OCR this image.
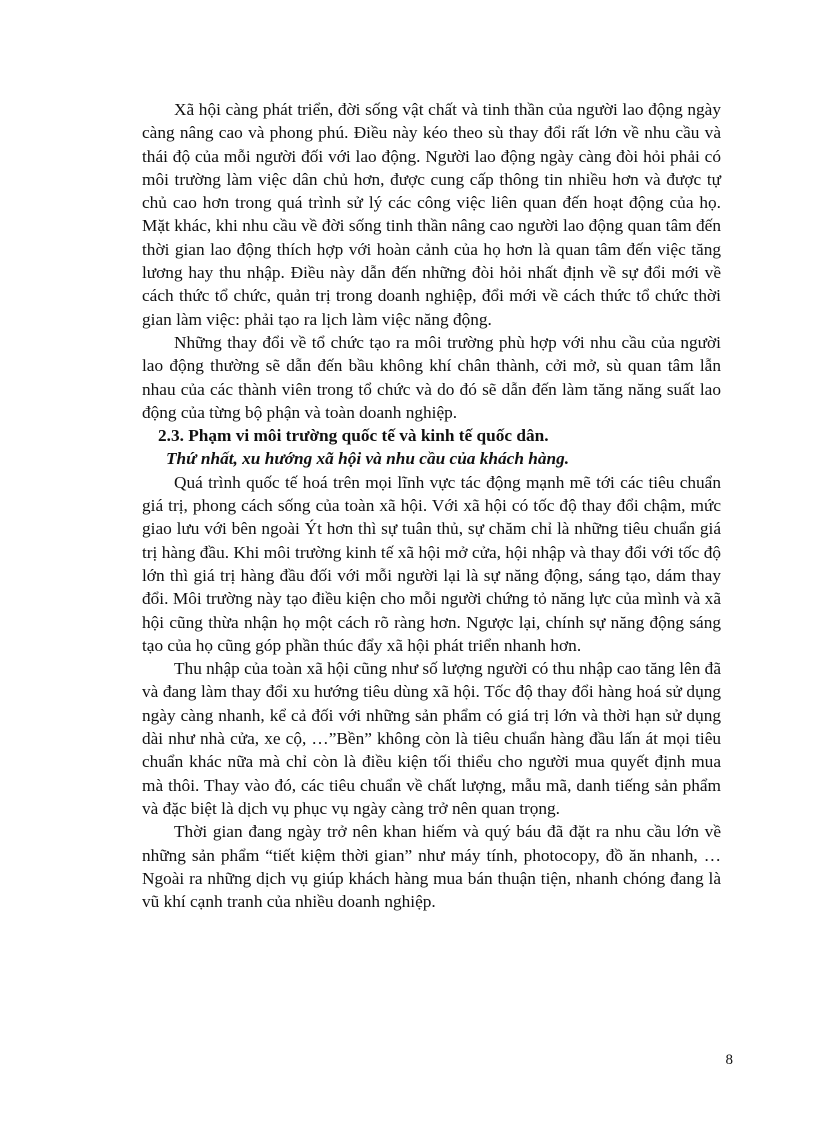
Xã hội càng phát triển, đời sống vật chất và tinh thần của người lao động ngày càng nâng cao và phong phú. Điều này kéo theo sù thay đổi rất lớn về nhu cầu và thái độ của mỗi người đối với lao động. Người lao động ngày càng đòi hỏi phải có môi trường làm việc dân chủ hơn, được cung cấp thông tin nhiều hơn và được tự chủ cao hơn trong quá trình sử lý các công việc liên quan đến hoạt động của họ. Mặt khác, khi nhu cầu về đời sống tinh thần nâng cao người lao động quan tâm đến thời gian lao động thích hợp với hoàn cảnh của họ hơn là quan tâm đến việc tăng lương hay thu nhập. Điều này dẫn đến những đòi hỏi nhất định về sự đổi mới về cách thức tổ chức, quản trị trong doanh nghiệp, đổi mới về cách thức tổ chức thời gian làm việc: phải tạo ra lịch làm việc năng động.

Những thay đổi về tổ chức tạo ra môi trường phù hợp với nhu cầu của người lao động thường sẽ dẫn đến bầu không khí chân thành, cởi mở, sù quan tâm lẫn nhau của các thành viên trong tổ chức và do đó sẽ dẫn đến làm tăng năng suất lao động của từng bộ phận và toàn doanh nghiệp.

2.3. Phạm vi môi trường quốc tế và kinh tế quốc dân.
Thứ nhất, xu hướng xã hội và nhu cầu của khách hàng.

Quá trình quốc tế hoá trên mọi lĩnh vực tác động mạnh mẽ tới các tiêu chuẩn giá trị, phong cách sống của toàn xã hội. Với xã hội có tốc độ thay đổi chậm, mức giao lưu với bên ngoài Ýt hơn thì sự tuân thủ, sự chăm chỉ là những tiêu chuẩn giá trị hàng đầu. Khi môi trường kinh tế xã hội mở cửa, hội nhập và thay đổi với tốc độ lớn thì giá trị hàng đầu đối với mỗi người lại là sự năng động, sáng tạo, dám thay đổi. Môi trường này tạo điều kiện cho mỗi người chứng tỏ năng lực của mình và xã hội cũng thừa nhận họ một cách rõ ràng hơn. Ngược lại, chính sự năng động sáng tạo của họ cũng góp phần thúc đẩy xã hội phát triển nhanh hơn.

Thu nhập của toàn xã hội cũng như số lượng người có thu nhập cao tăng lên đã và đang làm thay đổi xu hướng tiêu dùng xã hội. Tốc độ thay đổi hàng hoá sử dụng ngày càng nhanh, kể cả đối với những sản phẩm có giá trị lớn và thời hạn sử dụng dài như nhà cửa, xe cộ, …”Bền” không còn là tiêu chuẩn hàng đầu lấn át mọi tiêu chuẩn khác nữa mà chỉ còn là điều kiện tối thiểu cho người mua quyết định mua mà thôi. Thay vào đó, các tiêu chuẩn về chất lượng, mẫu mã, danh tiếng sản phẩm và đặc biệt là dịch vụ phục vụ ngày càng trở nên quan trọng.

Thời gian đang ngày trở nên khan hiếm và quý báu đã đặt ra nhu cầu lớn về những sản phẩm “tiết kiệm thời gian” như máy tính, photocopy, đồ ăn nhanh, …Ngoài ra những dịch vụ giúp khách hàng mua bán thuận tiện, nhanh chóng đang là vũ khí cạnh tranh của nhiều doanh nghiệp.

8
